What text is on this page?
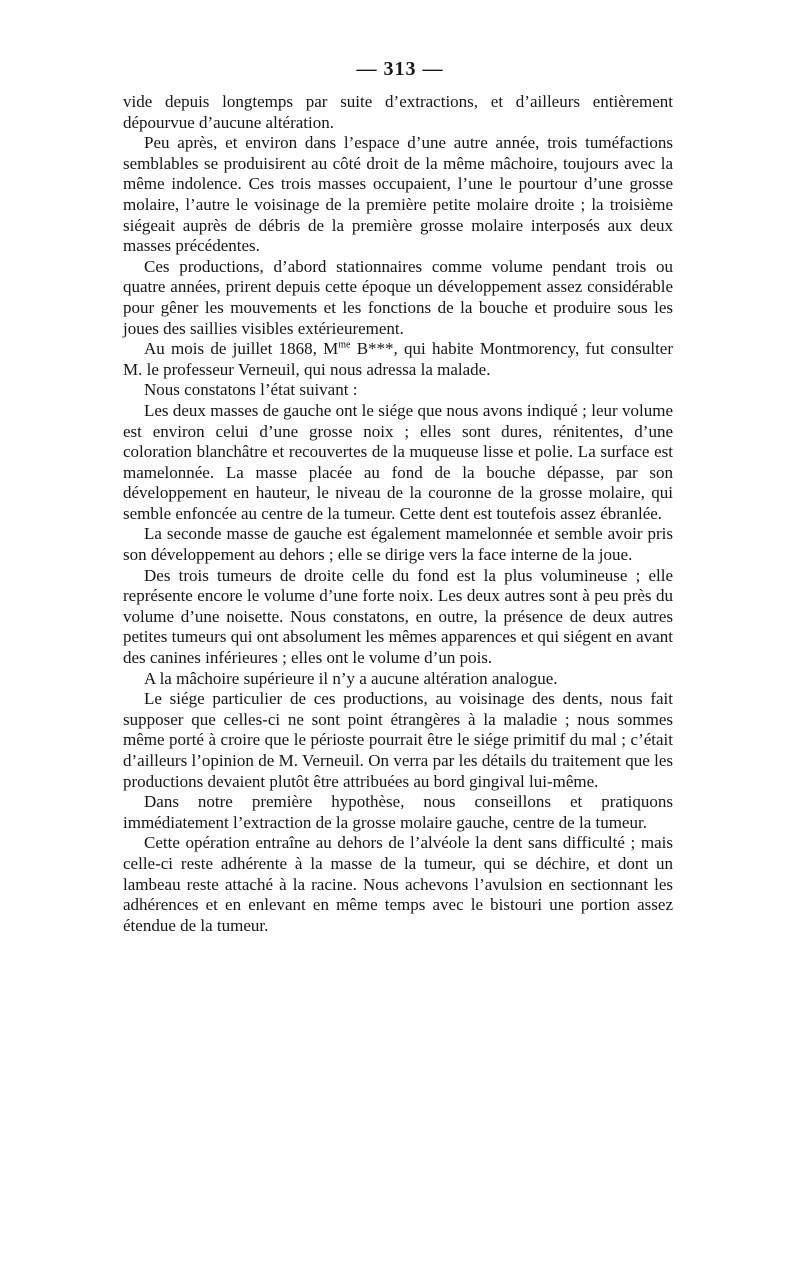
— 313 —

vide depuis longtemps par suite d’extractions, et d’ailleurs entièrement dépourvue d’aucune altération.

Peu après, et environ dans l’espace d’une autre année, trois tuméfactions semblables se produisirent au côté droit de la même mâchoire, toujours avec la même indolence. Ces trois masses occupaient, l’une le pourtour d’une grosse molaire, l’autre le voisinage de la première petite molaire droite ; la troisième siégeait auprès de débris de la première grosse molaire interposés aux deux masses précédentes.

Ces productions, d’abord stationnaires comme volume pendant trois ou quatre années, prirent depuis cette époque un développement assez considérable pour gêner les mouvements et les fonctions de la bouche et produire sous les joues des saillies visibles extérieurement.

Au mois de juillet 1868, $M^{me}$ B***, qui habite Montmorency, fut consulter M. le professeur Verneuil, qui nous adressa la malade.

Nous constatons l’état suivant :

Les deux masses de gauche ont le siége que nous avons indiqué ; leur volume est environ celui d’une grosse noix ; elles sont dures, rénitentes, d’une coloration blanchâtre et recouvertes de la muqueuse lisse et polie. La surface est mamelonnée. La masse placée au fond de la bouche dépasse, par son développement en hauteur, le niveau de la couronne de la grosse molaire, qui semble enfoncée au centre de la tumeur. Cette dent est toutefois assez ébranlée.

La seconde masse de gauche est également mamelonnée et semble avoir pris son développement au dehors ; elle se dirige vers la face interne de la joue.

Des trois tumeurs de droite celle du fond est la plus volumineuse ; elle représente encore le volume d’une forte noix. Les deux autres sont à peu près du volume d’une noisette. Nous constatons, en outre, la présence de deux autres petites tumeurs qui ont absolument les mêmes apparences et qui siégent en avant des canines inférieures ; elles ont le volume d’un pois.

A la mâchoire supérieure il n’y a aucune altération analogue.

Le siége particulier de ces productions, au voisinage des dents, nous fait supposer que celles-ci ne sont point étrangères à la maladie ; nous sommes même porté à croire que le périoste pourrait être le siége primitif du mal ; c’était d’ailleurs l’opinion de M. Verneuil. On verra par les détails du traitement que les productions devaient plutôt être attribuées au bord gingival lui-même.

Dans notre première hypothèse, nous conseillons et pratiquons immédiatement l’extraction de la grosse molaire gauche, centre de la tumeur.

Cette opération entraîne au dehors de l’alvéole la dent sans difficulté ; mais celle-ci reste adhérente à la masse de la tumeur, qui se déchire, et dont un lambeau reste attaché à la racine. Nous achevons l’avulsion en sectionnant les adhérences et en enlevant en même temps avec le bistouri une portion assez étendue de la tumeur.
